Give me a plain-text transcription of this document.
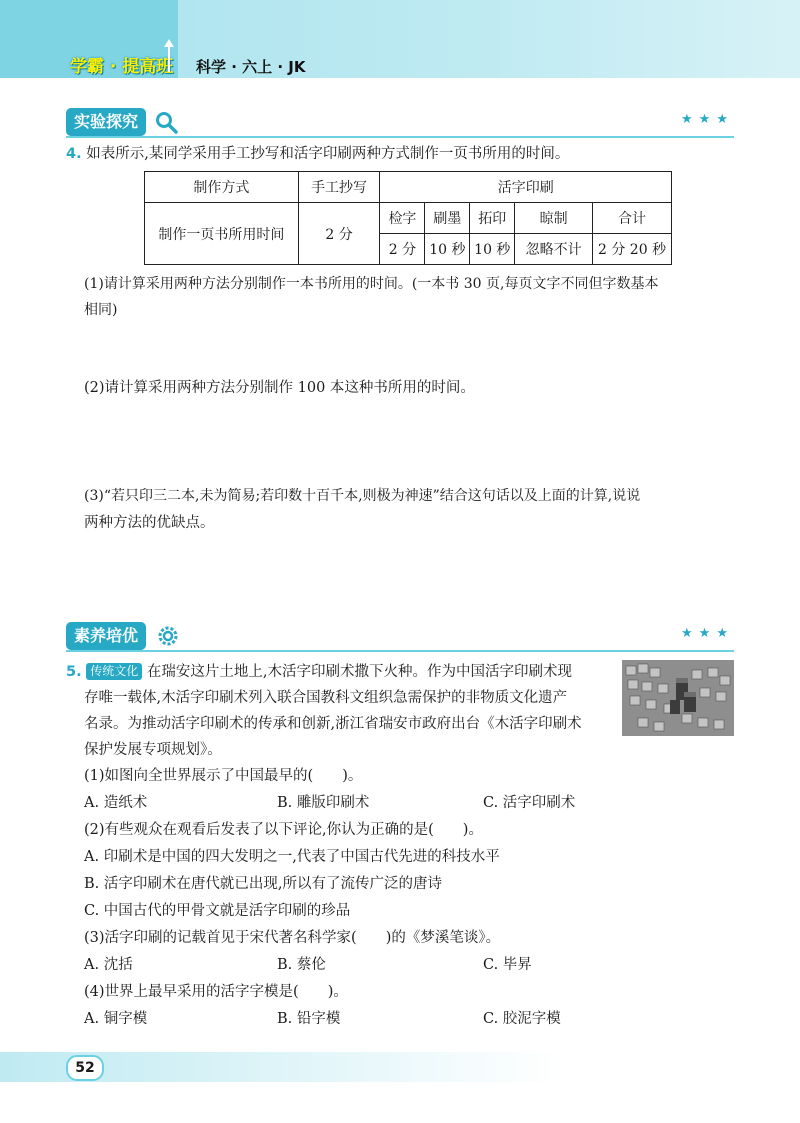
学霸 · 提高班 科学 · 六上 · JK
实验探究	★★★
4. 如表所示,某同学采用手工抄写和活字印刷两种方式制作一页书所用的时间。
制作方式	手工抄写	活字印刷				
制作一页书所用时间	2 分	检字	刷墨	拓印	晾制	合计
		2 分	10 秒	10 秒	忽略不计	2 分 20 秒
(1)请计算采用两种方法分别制作一本书所用的时间。(一本书 30 页,每页文字不同但字数基本
相同)
(2)请计算采用两种方法分别制作 100 本这种书所用的时间。
(3)“若只印三二本,未为简易;若印数十百千本,则极为神速”结合这句话以及上面的计算,说说
两种方法的优缺点。
素养培优	★★★
5. 传统文化 在瑞安这片土地上,木活字印刷术撒下火种。作为中国活字印刷术现
存唯一载体,木活字印刷术列入联合国教科文组织急需保护的非物质文化遗产
名录。为推动活字印刷术的传承和创新,浙江省瑞安市政府出台《木活字印刷术
保护发展专项规划》。
(1)如图向全世界展示了中国最早的(　　)。
A. 造纸术	B. 雕版印刷术	C. 活字印刷术
(2)有些观众在观看后发表了以下评论,你认为正确的是(　　)。
A. 印刷术是中国的四大发明之一,代表了中国古代先进的科技水平
B. 活字印刷术在唐代就已出现,所以有了流传广泛的唐诗
C. 中国古代的甲骨文就是活字印刷的珍品
(3)活字印刷的记载首见于宋代著名科学家(　　)的《梦溪笔谈》。
A. 沈括	B. 蔡伦	C. 毕昇
(4)世界上最早采用的活字字模是(　　)。
A. 铜字模	B. 铅字模	C. 胶泥字模
52
